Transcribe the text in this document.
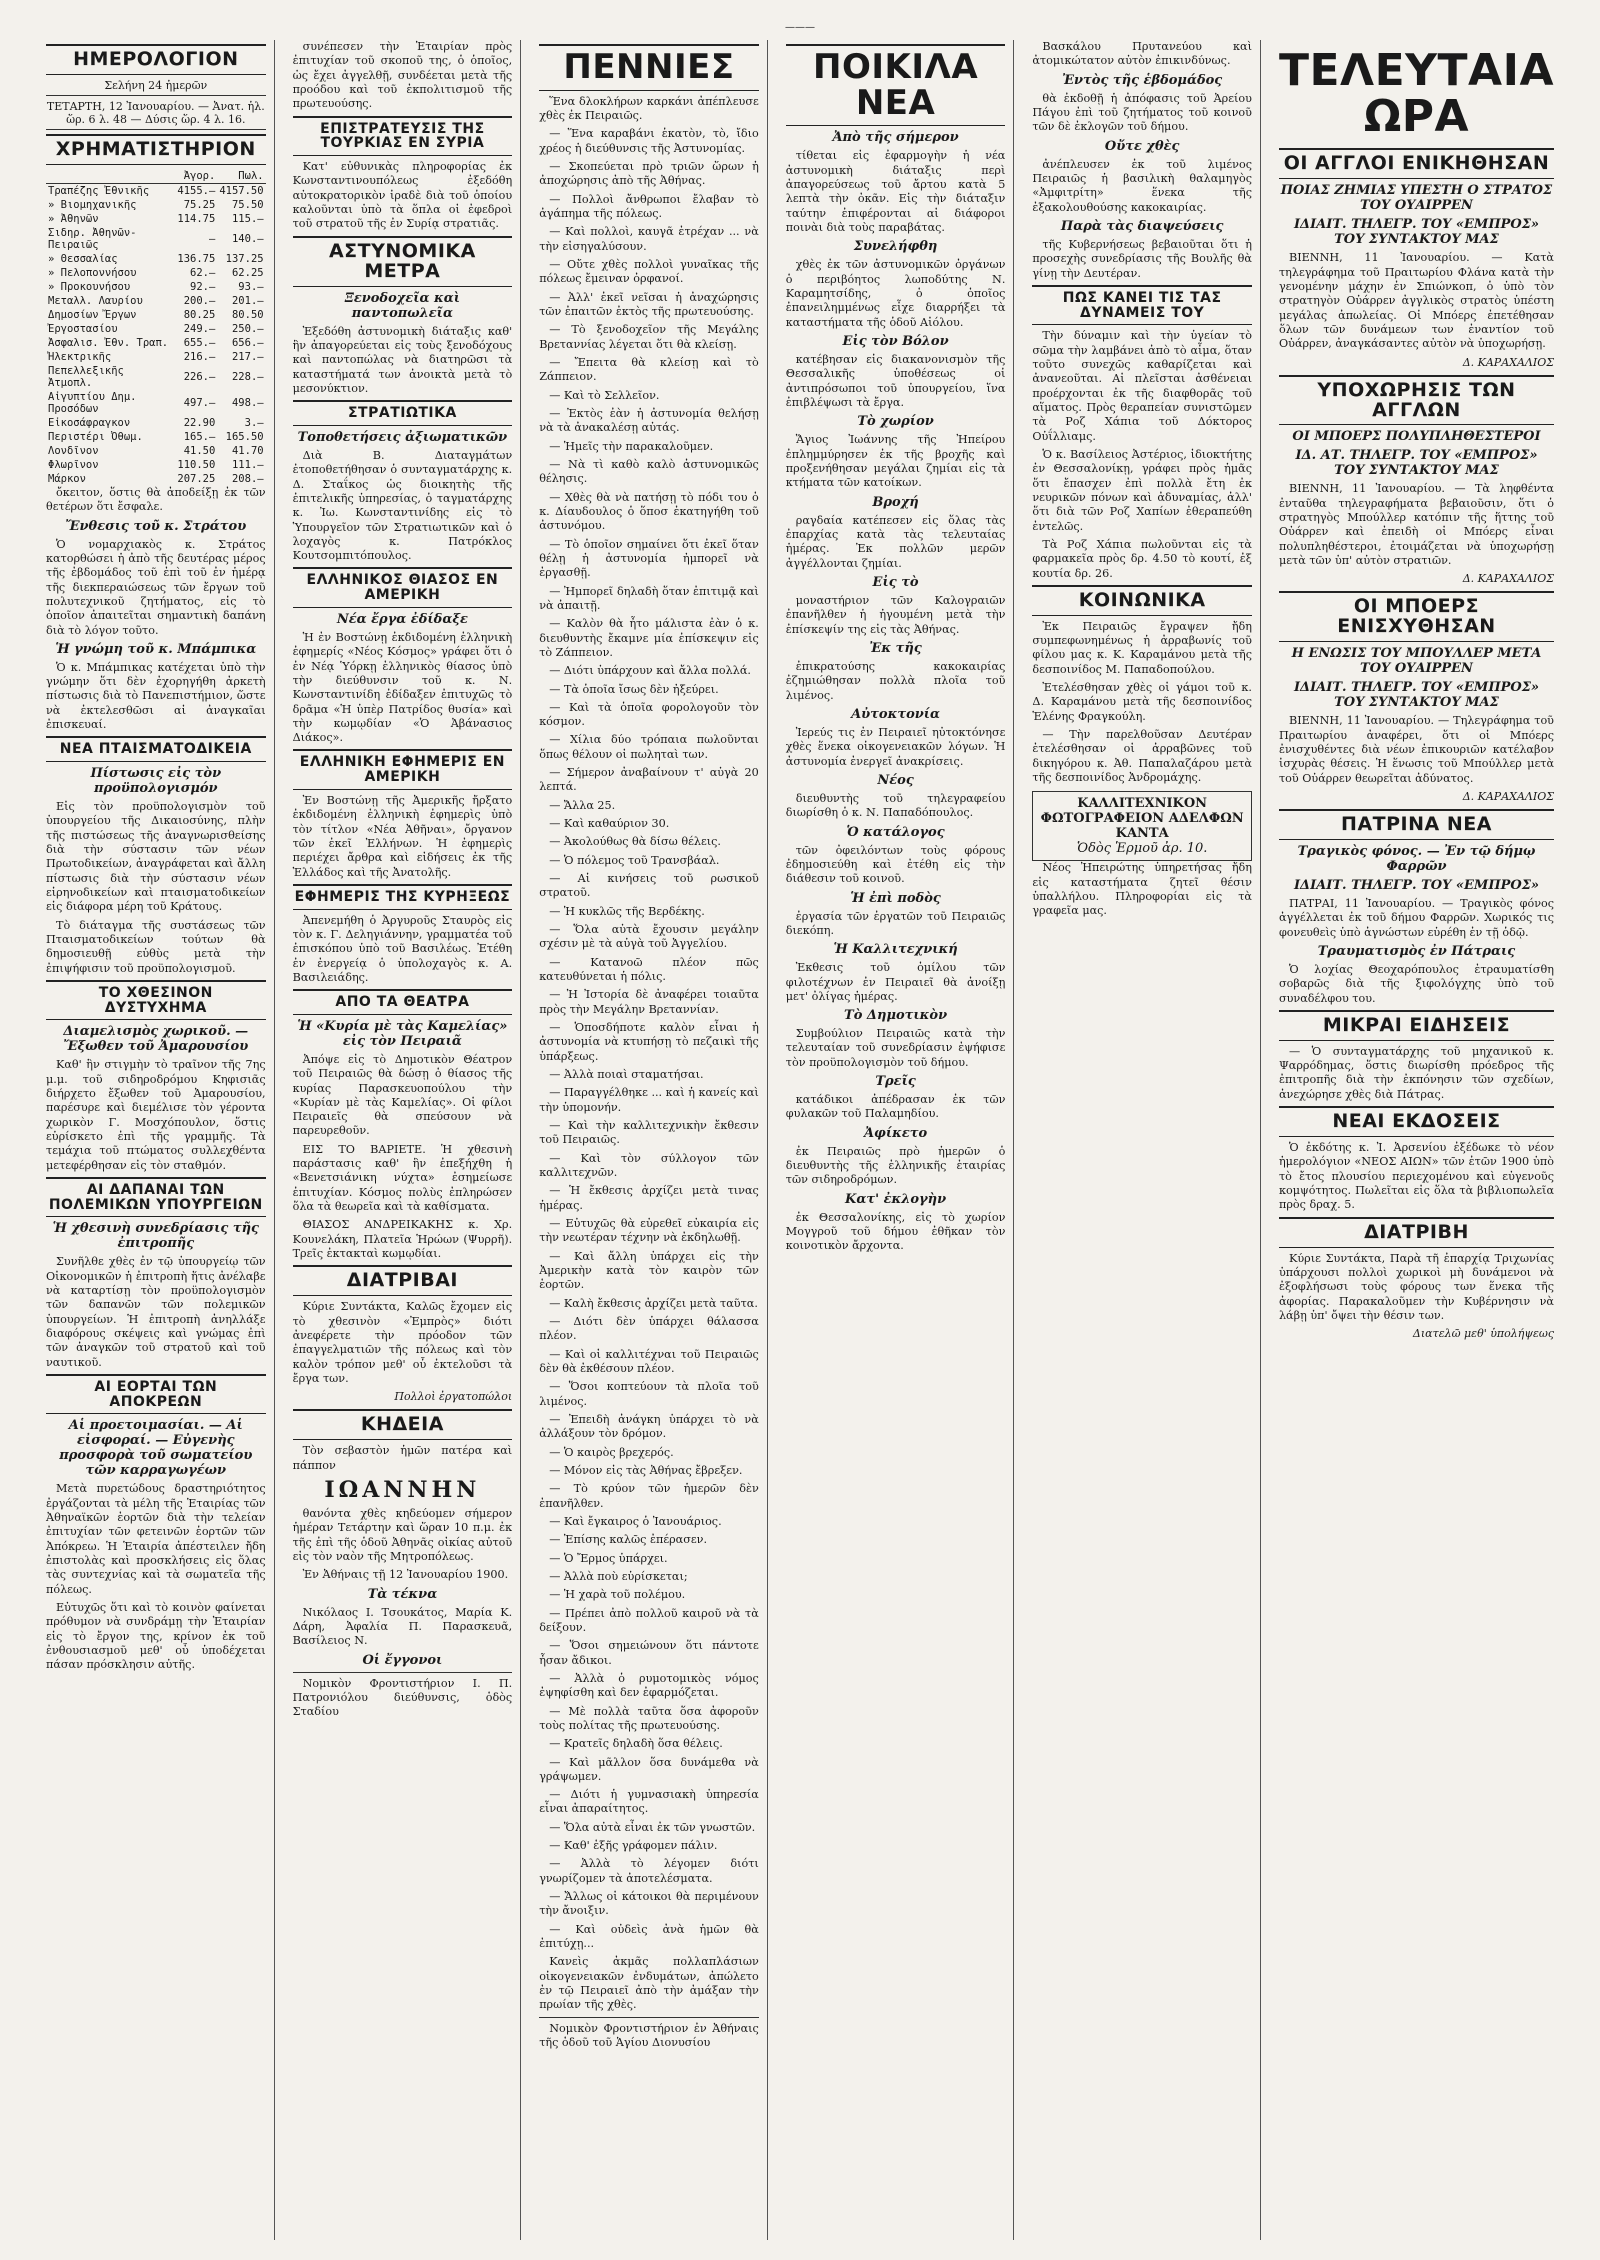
———
ΗΜΕΡΟΛΟΓΙΟΝ
Σελήνη 24 ἡμερῶν
ΤΕΤΑΡΤΗ, 12 Ἰανουαρίου. — Ἀνατ. ἡλ. ὥρ. 6 λ. 48 — Δύσις ὥρ. 4 λ. 16.
ΧΡΗΜΑΤΙΣΤΗΡΙΟΝ
	Ἀγορ.	Πωλ.
Τραπέζης Ἐθνικῆς	4155.—	4157.50
» Βιομηχανικῆς	75.25	75.50
» Ἀθηνῶν	114.75	115.—
Σιδηρ. Ἀθηνῶν-Πειραιῶς	—	140.—
» Θεσσαλίας	136.75	137.25
» Πελοποννήσου	62.—	62.25
» Προκουνήσου	92.—	93.—
Μεταλλ. Λαυρίου	200.—	201.—
Δημοσίων Ἔργων	80.25	80.50
Ἐργοστασίου	249.—	250.—
Ἀσφαλισ. Ἐθν. Τραπ.	655.—	656.—
Ἠλεκτρικῆς	216.—	217.—
Πεπελλεξικῆς Ἀτμοπλ.	226.—	228.—
Αἰγυπτίου Δημ. Προσόδων	497.—	498.—
Εἰκοσάφραγκον	22.90	3.—
Περιστέρι Ὀθωμ.	165.—	165.50
Λονδῖνον	41.50	41.70
Φλωρῖνον	110.50	111.—
Μάρκον	207.25	208.—

ὄκειτον, ὅστις θὰ ἀποδείξῃ ἐκ τῶν θετέρων ὅτι ἔσφαλε.

Ἔνθεσις τοῦ κ. Στράτου

Ὁ νομαρχιακὸς κ. Στράτος κατορθώσει ἡ ἀπὸ τῆς δευτέρας μέρος τῆς ἐβδομάδος τοῦ ἐπὶ τοῦ ἐν ἡμέρᾳ τῆς διεκπεραιώσεως τῶν ἔργων τοῦ πολυτεχνικοῦ ζητήματος, εἰς τὸ ὁποῖον ἀπαιτεῖται σημαντικὴ δαπάνη διὰ τὸ λόγον τοῦτο.

Ἡ γνώμη τοῦ κ. Μπάμπικα

Ὁ κ. Μπάμπικας κατέχεται ὑπὸ τὴν γνώμην ὅτι δὲν ἐχορηγήθη ἀρκετὴ πίστωσις διὰ τὸ Πανεπιστήμιον, ὥστε νὰ ἐκτελεσθῶσι αἱ ἀναγκαῖαι ἐπισκευαί.

ΝΕΑ ΠΤΑΙΣΜΑΤΟΔΙΚΕΙΑ
Πίστωσις εἰς τὸν προϋπολογισμόν

Εἰς τὸν προϋπολογισμὸν τοῦ ὑπουργείου τῆς Δικαιοσύνης, πλὴν τῆς πιστώσεως τῆς ἀναγνωρισθείσης διὰ τὴν σύστασιν τῶν νέων Πρωτοδικείων, ἀναγράφεται καὶ ἄλλη πίστωσις διὰ τὴν σύστασιν νέων εἰρηνοδικείων καὶ πταισματοδικείων εἰς διάφορα μέρη τοῦ Κράτους.

Τὸ διάταγμα τῆς συστάσεως τῶν Πταισματοδικείων τούτων θὰ δημοσιευθῇ εὐθὺς μετὰ τὴν ἐπιψήφισιν τοῦ προϋπολογισμοῦ.

ΤΟ ΧΘΕΣΙΝΟΝ ΔΥΣΤΥΧΗΜΑ
Διαμελισμὸς χωρικοῦ. — Ἔξωθεν τοῦ Ἀμαρουσίου

Καθ' ἣν στιγμὴν τὸ τραῖνον τῆς 7ης μ.μ. τοῦ σιδηροδρόμου Κηφισιᾶς διήρχετο ἔξωθεν τοῦ Ἀμαρουσίου, παρέσυρε καὶ διεμέλισε τὸν γέροντα χωρικὸν Γ. Μοσχόπουλον, ὅστις εὑρίσκετο ἐπὶ τῆς γραμμῆς. Τὰ τεμάχια τοῦ πτώματος συλλεχθέντα μετεφέρθησαν εἰς τὸν σταθμόν.

ΑΙ ΔΑΠΑΝΑΙ ΤΩΝ ΠΟΛΕΜΙΚΩΝ ΥΠΟΥΡΓΕΙΩΝ
Ἡ χθεσινὴ συνεδρίασις τῆς ἐπιτροπῆς

Συνῆλθε χθὲς ἐν τῷ ὑπουργείῳ τῶν Οἰκονομικῶν ἡ ἐπιτροπὴ ἥτις ἀνέλαβε νὰ καταρτίσῃ τὸν προϋπολογισμὸν τῶν δαπανῶν τῶν πολεμικῶν ὑπουργείων. Ἡ ἐπιτροπὴ ἀνηλλάξε διαφόρους σκέψεις καὶ γνώμας ἐπὶ τῶν ἀναγκῶν τοῦ στρατοῦ καὶ τοῦ ναυτικοῦ.

ΑΙ ΕΟΡΤΑΙ ΤΩΝ ΑΠΟΚΡΕΩΝ
Αἱ προετοιμασίαι. — Αἱ εἰσφοραί. — Εὐγενὴς προσφορὰ τοῦ σωματείου τῶν καρραγωγέων

Μετὰ πυρετώδους δραστηριότητος ἐργάζονται τὰ μέλη τῆς Ἑταιρίας τῶν Ἀθηναϊκῶν ἑορτῶν διὰ τὴν τελείαν ἐπιτυχίαν τῶν φετεινῶν ἑορτῶν τῶν Ἀπόκρεω. Ἡ Ἑταιρία ἀπέστειλεν ἤδη ἐπιστολὰς καὶ προσκλήσεις εἰς ὅλας τὰς συντεχνίας καὶ τὰ σωματεῖα τῆς πόλεως.

Εὐτυχῶς ὅτι καὶ τὸ κοινὸν φαίνεται πρόθυμον νὰ συνδράμῃ τὴν Ἑταιρίαν εἰς τὸ ἔργον της, κρίνον ἐκ τοῦ ἐνθουσιασμοῦ μεθ' οὗ ὑποδέχεται πάσαν πρόσκλησιν αὐτῆς.

συνέπεσεν τὴν Ἑταιρίαν πρὸς ἐπιτυχίαν τοῦ σκοποῦ της, ὁ ὁποῖος, ὡς ἔχει ἀγγελθῇ, συνδέεται μετὰ τῆς προόδου καὶ τοῦ ἐκπολιτισμοῦ τῆς πρωτευούσης.

ΕΠΙΣΤΡΑΤΕΥΣΙΣ ΤΗΣ ΤΟΥΡΚΙΑΣ ΕΝ ΣΥΡΙΑ

Κατ' εὐθυνικὰς πληροφορίας ἐκ Κωνσταντινουπόλεως ἐξεδόθη αὐτοκρατορικὸν ἰραδὲ διὰ τοῦ ὁποίου καλοῦνται ὑπὸ τὰ ὅπλα οἱ ἐφεδροὶ τοῦ στρατοῦ τῆς ἐν Συρίᾳ στρατιᾶς.

ΑΣΤΥΝΟΜΙΚΑ ΜΕΤΡΑ
Ξενοδοχεῖα καὶ παντοπωλεῖα

Ἐξεδόθη ἀστυνομικὴ διάταξις καθ' ἣν ἀπαγορεύεται εἰς τοὺς ξενοδόχους καὶ παντοπώλας νὰ διατηρῶσι τὰ καταστήματά των ἀνοικτὰ μετὰ τὸ μεσονύκτιον.

ΣΤΡΑΤΙΩΤΙΚΑ
Τοποθετήσεις ἀξιωματικῶν

Διὰ Β. Διαταγμάτων ἐτοποθετήθησαν ὁ συνταγματάρχης κ. Δ. Σταΐκος ὡς διοικητὴς τῆς ἐπιτελικῆς ὑπηρεσίας, ὁ ταγματάρχης κ. Ἰω. Κωνσταντινίδης εἰς τὸ Ὑπουργεῖον τῶν Στρατιωτικῶν καὶ ὁ λοχαγὸς κ. Πατρόκλος Κουτσομπιτόπουλος.

ΕΛΛΗΝΙΚΟΣ ΘΙΑΣΟΣ ΕΝ ΑΜΕΡΙΚΗ
Νέα ἔργα ἐδίδαξε

Ἡ ἐν Βοστώνῃ ἐκδιδομένη ἑλληνικὴ ἐφημερίς «Νέος Κόσμος» γράφει ὅτι ὁ ἐν Νέᾳ Ὑόρκῃ ἑλληνικὸς θίασος ὑπὸ τὴν διεύθυνσιν τοῦ κ. Ν. Κωνσταντινίδη ἐδίδαξεν ἐπιτυχῶς τὸ δρᾶμα «Ἡ ὑπὲρ Πατρίδος θυσία» καὶ τὴν κωμῳδίαν «Ὁ Ἀβάνασιος Διάκος».

ΕΛΛΗΝΙΚΗ ΕΦΗΜΕΡΙΣ ΕΝ ΑΜΕΡΙΚΗ

Ἐν Βοστώνῃ τῆς Ἀμερικῆς ἤρξατο ἐκδιδομένη ἑλληνικὴ ἐφημερὶς ὑπὸ τὸν τίτλον «Νέα Ἀθῆναι», ὄργανον τῶν ἐκεῖ Ἑλλήνων. Ἡ ἐφημερὶς περιέχει ἄρθρα καὶ εἰδήσεις ἐκ τῆς Ἑλλάδος καὶ τῆς Ἀνατολῆς.

ΕΦΗΜΕΡΙΣ ΤΗΣ ΚΥΡΗΞΕΩΣ

Ἀπενεμήθη ὁ Ἀργυροῦς Σταυρὸς εἰς τὸν κ. Γ. Δεληγιάννην, γραμματέα τοῦ ἐπισκόπου ὑπὸ τοῦ Βασιλέως. Ἐτέθη ἐν ἐνεργείᾳ ὁ ὑπολοχαγὸς κ. Α. Βασιλειάδης.

ΑΠΟ ΤΑ ΘΕΑΤΡΑ
Ἡ «Κυρία μὲ τὰς Καμελίας» εἰς τὸν Πειραιᾶ

Ἀπόψε εἰς τὸ Δημοτικὸν Θέατρον τοῦ Πειραιῶς θὰ δώσῃ ὁ θίασος τῆς κυρίας Παρασκευοπούλου τὴν «Κυρίαν μὲ τὰς Καμελίας». Οἱ φίλοι Πειραιεῖς θὰ σπεύσουν νὰ παρευρεθοῦν.

ΕΙΣ ΤΟ ΒΑΡΙΕΤΕ. Ἡ χθεσινὴ παράστασις καθ' ἣν ἐπεξήχθη ἡ «Βενετσιάνικη νύχτα» ἐσημείωσε ἐπιτυχίαν. Κόσμος πολὺς ἐπληρώσεν ὅλα τὰ θεωρεῖα καὶ τὰ καθίσματα.

ΘΙΑΣΟΣ ΑΝΔΡΕΙΚΑΚΗΣ κ. Χρ. Κουνελάκη, Πλατεῖα Ἡρώων (Ψυρρῆ). Τρεῖς ἐκτακταὶ κωμῳδίαι.

ΔΙΑΤΡΙΒΑΙ

Κύριε Συντάκτα, Καλῶς ἔχομεν εἰς τὸ χθεσινὸν «Ἐμπρὸς» διότι ἀνεφέρετε τὴν πρόοδον τῶν ἐπαγγελματιῶν τῆς πόλεως καὶ τὸν καλὸν τρόπον μεθ' οὗ ἐκτελοῦσι τὰ ἔργα των.

Πολλοὶ ἐργατοπώλοι
ΚΗΔΕΙΑ

Τὸν σεβαστὸν ἡμῶν πατέρα καὶ πάππον

ΙΩΑΝΝΗΝ

θανόντα χθὲς κηδεύομεν σήμερον ἡμέραν Τετάρτην καὶ ὥραν 10 π.μ. ἐκ τῆς ἐπὶ τῆς ὁδοῦ Ἀθηνᾶς οἰκίας αὐτοῦ εἰς τὸν ναὸν τῆς Μητροπόλεως.

Ἐν Ἀθήναις τῇ 12 Ἰανουαρίου 1900.

Τὰ τέκνα

Νικόλαος Ι. Τσουκάτος, Μαρία Κ. Δάρη, Ἀφαλία Π. Παρασκευᾶ, Βασίλειος Ν.

Οἱ ἔγγονοι

Νομικὸν Φροντιστήριον Ι. Π. Πατρονιόλου διεύθυνσις, ὁδὸς Σταδίου

ΠΕΝΝΙΕΣ

Ἕνα δλοκλήρων καρκάνι ἀπέπλευσε χθὲς ἐκ Πειραιῶς.

— Ἕνα καραβάνι ἑκατὸν, τὸ, ἴδιο χρέος ἡ διεύθυνσις τῆς Ἀστυνομίας.

— Σκοπεύεται πρὸ τριῶν ὥρων ἡ ἀποχώρησις ἀπὸ τῆς Ἀθήνας.

— Πολλοὶ ἄνθρωποι ἔλαβαν τὸ ἀγάπημα τῆς πόλεως.

— Καὶ πολλοὶ, καυγᾶ ἐτρέχαν ... νὰ τὴν εἰσηγαλύσουν.

— Οὔτε χθὲς πολλοὶ γυναῖκας τῆς πόλεως ἔμειναν ὀρφανοί.

— Ἀλλ' ἐκεῖ νεῖσαι ἡ ἀναχώρησις τῶν ἐπαιτῶν ἐκτὸς τῆς πρωτευούσης.

— Τὸ ξενοδοχεῖον τῆς Μεγάλης Βρεταννίας λέγεται ὅτι θὰ κλείσῃ.

— Ἔπειτα θὰ κλείσῃ καὶ τὸ Ζάππειον.

— Καὶ τὸ Σελλεῖον.

— Ἐκτὸς ἐὰν ἡ ἀστυνομία θελήσῃ νὰ τὰ ἀνακαλέσῃ αὐτάς.

— Ἡμεῖς τὴν παρακαλοῦμεν.

— Νὰ τὶ καθὸ καλὸ ἀστυνομικῶς θέλησις.

— Χθὲς θὰ νὰ πατήσῃ τὸ πόδι του ὁ κ. Δίαυδουλος ὁ ὅποσ ἐκατηγήθη τοῦ ἀστυνόμου.

— Τὸ ὁποῖον σημαίνει ὅτι ἐκεῖ ὅταν θέλῃ ἡ ἀστυνομία ἠμπορεῖ νὰ ἐργασθῇ.

— Ἠμπορεῖ δηλαδὴ ὅταν ἐπιτιμᾷ καὶ νὰ ἀπαιτῇ.

— Καλὸν θὰ ἦτο μάλιστα ἐὰν ὁ κ. διευθυντὴς ἔκαμνε μία ἐπίσκεψιν εἰς τὸ Ζάππειον.

— Διότι ὑπάρχουν καὶ ἄλλα πολλά.

— Τὰ ὁποῖα ἴσως δὲν ἠξεύρει.

— Καὶ τὰ ὁποῖα φορολογοῦν τὸν κόσμον.

— Χίλια δύο τρόπαια πωλοῦνται ὅπως θέλουν οἱ πωληταὶ των.

— Σήμερον ἀναβαίνουν τ' αὐγὰ 20 λεπτά.

— Ἄλλα 25.

— Καὶ καθαύριον 30.

— Ἀκολούθως θὰ δίσω θέλεις.

— Ὁ πόλεμος τοῦ Τρανσβάαλ.

— Αἱ κινήσεις τοῦ ρωσικοῦ στρατοῦ.

— Ἡ κυκλῶς τῆς Βερδέκης.

— Ὅλα αὐτὰ ἔχουσιν μεγάλην σχέσιν μὲ τὰ αὐγὰ τοῦ Ἀγγελίου.

— Κατανοῶ πλέον πῶς κατευθύνεται ἡ πόλις.

— Ἡ Ἰστορία δὲ ἀναφέρει τοιαῦτα πρὸς τὴν Μεγάλην Βρεταννίαν.

— Ὁποσδήποτε καλὸν εἶναι ἡ ἀστυνομία νὰ κτυπήσῃ τὸ πεζαικὶ τῆς ὑπάρξεως.

— Ἀλλὰ ποιαὶ σταματήσαι.

— Παραγγέλθηκε ... καὶ ἡ κανείς καὶ τὴν ὑπομονήν.

— Καὶ τὴν καλλιτεχνικὴν ἔκθεσιν τοῦ Πειραιῶς.

— Καὶ τὸν σύλλογον τῶν καλλιτεχνῶν.

— Ἡ ἔκθεσις ἀρχίζει μετὰ τινας ἡμέρας.

— Εὐτυχῶς θὰ εὑρεθεῖ εὐκαιρία εἰς τὴν νεωτέραν τέχνην νὰ ἐκδηλωθῇ.

— Καὶ ἄλλη ὑπάρχει εἰς τὴν Ἀμερικὴν κατὰ τὸν καιρὸν τῶν ἑορτῶν.

— Καλὴ ἔκθεσις ἀρχίζει μετὰ ταῦτα.

— Διότι δὲν ὑπάρχει θάλασσα πλέον.

— Καὶ οἱ καλλιτέχναι τοῦ Πειραιῶς δὲν θὰ ἐκθέσουν πλέον.

— Ὅσοι κοπτεύουν τὰ πλοῖα τοῦ λιμένος.

— Ἐπειδὴ ἀνάγκη ὑπάρχει τὸ νὰ ἀλλάξουν τὸν δρόμον.

— Ὁ καιρὸς βρεχερός.

— Μόνον εἰς τὰς Ἀθήνας ἔβρεξεν.

— Τὸ κρύον τῶν ἡμερῶν δὲν ἐπανῆλθεν.

— Καὶ ἔγκαιρος ὁ Ἰανουάριος.

— Ἐπίσης καλῶς ἐπέρασεν.

— Ὁ Ἔρμος ὑπάρχει.

— Ἀλλὰ ποὺ εὑρίσκεται;

— Ἡ χαρὰ τοῦ πολέμου.

— Πρέπει ἀπὸ πολλοῦ καιροῦ νὰ τὰ δείξουν.

— Ὅσοι σημειώνουν ὅτι πάντοτε ἦσαν ἄδικοι.

— Ἀλλὰ ὁ ρυμοτομικὸς νόμος ἐψηφίσθη καὶ δεν ἐφαρμόζεται.

— Μὲ πολλὰ ταῦτα ὅσα ἀφοροῦν τοὺς πολίτας τῆς πρωτευούσης.

— Κρατεῖς δηλαδὴ ὅσα θέλεις.

— Καὶ μᾶλλον ὅσα δυνάμεθα νὰ γράψωμεν.

— Διότι ἡ γυμνασιακὴ ὑπηρεσία εἶναι ἀπαραίτητος.

— Ὅλα αὐτὰ εἶναι ἐκ τῶν γνωστῶν.

— Καθ' ἑξῆς γράφομεν πάλιν.

— Ἀλλὰ τὸ λέγομεν διότι γνωρίζομεν τὰ ἀποτελέσματα.

— Ἄλλως οἱ κάτοικοι θὰ περιμένουν τὴν ἄνοιξιν.

— Καὶ οὐδεὶς ἀνὰ ἡμῶν θὰ ἐπιτύχῃ...

Κανεὶς ἀκμᾶς πολλαπλάσιων οἰκογενειακῶν ἐνδυμάτων, ἀπώλετο ἐν τῷ Πειραιεῖ ἀπὸ τὴν ἀμάξαν τὴν πρωίαν τῆς χθὲς.

Νομικὸν Φροντιστήριον ἐν Ἀθήναις τῆς ὁδοῦ τοῦ Ἁγίου Διονυσίου

ΠΟΙΚΙΛΑ ΝΕΑ
Ἀπὸ τῆς σήμερον

τίθεται εἰς ἐφαρμογὴν ἡ νέα ἀστυνομικὴ διάταξις περὶ ἀπαγορεύσεως τοῦ ἄρτου κατὰ 5 λεπτὰ τὴν ὀκᾶν. Εἰς τὴν διάταξιν ταύτην ἐπιφέρονται αἱ διάφοροι ποινὰι διὰ τοὺς παραβάτας.

Συνελήφθη

χθὲς ἐκ τῶν ἀστυνομικῶν ὀργάνων ὁ περιβόητος λωποδύτης Ν. Καραμητσίδης, ὁ ὁποῖος ἐπανειλημμένως εἶχε διαρρήξει τὰ καταστήματα τῆς ὁδοῦ Αἰόλου.

Εἰς τὸν Βόλον

κατέβησαν εἰς διακανονισμὸν τῆς Θεσσαλικῆς ὑποθέσεως οἱ ἀντιπρόσωποι τοῦ ὑπουργείου, ἵνα ἐπιβλέψωσι τὰ ἔργα.

Τὸ χωρίον

Ἅγιος Ἰωάννης τῆς Ἠπείρου ἐπλημμύρησεν ἐκ τῆς βροχῆς καὶ προξενήθησαν μεγάλαι ζημίαι εἰς τὰ κτήματα τῶν κατοίκων.

Βροχή

ραγδαία κατέπεσεν εἰς ὅλας τὰς ἐπαρχίας κατὰ τὰς τελευταίας ἡμέρας. Ἐκ πολλῶν μερῶν ἀγγέλλονται ζημίαι.

Εἰς τὸ

μοναστήριον τῶν Καλογραιῶν ἐπανῆλθεν ἡ ἠγουμένη μετὰ τὴν ἐπίσκεψίν της εἰς τὰς Ἀθήνας.

Ἐκ τῆς

ἐπικρατούσης κακοκαιρίας ἐζημιώθησαν πολλὰ πλοῖα τοῦ λιμένος.

Αὐτοκτονία

Ἰερεύς τις ἐν Πειραιεῖ ηὐτοκτόνησε χθὲς ἕνεκα οἰκογενειακῶν λόγων. Ἡ ἀστυνομία ἐνεργεῖ ἀνακρίσεις.

Νέος

διευθυντὴς τοῦ τηλεγραφείου διωρίσθη ὁ κ. Ν. Παπαδόπουλος.

Ὁ κατάλογος

τῶν ὀφειλόντων τοὺς φόρους ἐδημοσιεύθη καὶ ἐτέθη εἰς τὴν διάθεσιν τοῦ κοινοῦ.

Ἡ ἐπὶ ποδὸς

ἐργασία τῶν ἐργατῶν τοῦ Πειραιῶς διεκόπη.

Ἡ Καλλιτεχνική

Ἐκθεσις τοῦ ὁμίλου τῶν φιλοτέχνων ἐν Πειραιεῖ θὰ ἀνοίξῃ μετ' ὀλίγας ἡμέρας.

Τὸ Δημοτικὸν

Συμβούλιον Πειραιῶς κατὰ τὴν τελευταίαν τοῦ συνεδρίασιν ἐψήφισε τὸν προϋπολογισμὸν τοῦ δήμου.

Τρεῖς

κατάδικοι ἀπέδρασαν ἐκ τῶν φυλακῶν τοῦ Παλαμηδίου.

Ἀφίκετο

ἐκ Πειραιῶς πρὸ ἡμερῶν ὁ διευθυντὴς τῆς ἑλληνικῆς ἑταιρίας τῶν σιδηροδρόμων.

Κατ' ἐκλογὴν

ἐκ Θεσσαλονίκης, εἰς τὸ χωρίον Μογγροῦ τοῦ δήμου ἐθῆκαν τὸν κοινοτικὸν ἄρχοντα.

Βασκάλου Πρυτανεύου καὶ ἀτομικώτατον αὐτὸν ἐπικινδύνως.

Ἐντὸς τῆς ἑβδομάδος

θὰ ἐκδοθῇ ἡ ἀπόφασις τοῦ Ἀρείου Πάγου ἐπὶ τοῦ ζητήματος τοῦ κοινοῦ τῶν δὲ ἐκλογῶν τοῦ δήμου.

Οὔτε χθὲς

ἀνέπλευσεν ἐκ τοῦ λιμένος Πειραιῶς ἡ βασιλικὴ θαλαμηγὸς «Ἀμφιτρίτη» ἕνεκα τῆς ἐξακολουθούσης κακοκαιρίας.

Παρὰ τὰς διαψεύσεις

τῆς Κυβερνήσεως βεβαιοῦται ὅτι ἡ προσεχὴς συνεδρίασις τῆς Βουλῆς θὰ γίνῃ τὴν Δευτέραν.

ΠΩΣ ΚΑΝΕΙ ΤΙΣ ΤΑΣ ΔΥΝΑΜΕΙΣ ΤΟΥ

Τὴν δύναμιν καὶ τὴν ὑγείαν τὸ σῶμα τὴν λαμβάνει ἀπὸ τὸ αἷμα, ὅταν τοῦτο συνεχῶς καθαρίζεται καὶ ἀνανεοῦται. Αἱ πλεῖσται ἀσθένειαι προέρχονται ἐκ τῆς διαφθορᾶς τοῦ αἵματος. Πρὸς θεραπείαν συνιστῶμεν τὰ Ροζ Χάπια τοῦ Δόκτορος Οὐΐλλιαμς.

Ὁ κ. Βασίλειος Ἀστέριος, ἰδιοκτήτης ἐν Θεσσαλονίκῃ, γράφει πρὸς ἡμᾶς ὅτι ἔπασχεν ἐπὶ πολλὰ ἔτη ἐκ νευρικῶν πόνων καὶ ἀδυναμίας, ἀλλ' ὅτι διὰ τῶν Ροζ Χαπίων ἐθεραπεύθη ἐντελῶς.

Τὰ Ροζ Χάπια πωλοῦνται εἰς τὰ φαρμακεῖα πρὸς δρ. 4.50 τὸ κουτί, ἐξ κουτία δρ. 26.

ΚΟΙΝΩΝΙΚΑ

Ἐκ Πειραιῶς ἔγραψεν ἤδη συμπεφωνημένως ἡ ἀρραβωνίς τοῦ φίλου μας κ. Κ. Καραμάνου μετὰ τῆς δεσποινίδος Μ. Παπαδοπούλου.

Ἐτελέσθησαν χθὲς οἱ γάμοι τοῦ κ. Δ. Καραμάνου μετὰ τῆς δεσποινίδος Ἑλένης Φραγκούλη.

— Τὴν παρελθοῦσαν Δευτέραν ἐτελέσθησαν οἱ ἀρραβῶνες τοῦ δικηγόρου κ. Ἀθ. Παπαλαζάρου μετὰ τῆς δεσποινίδος Ἀνδρομάχης.

ΚΑΛΛΙΤΕΧΝΙΚΟΝ ΦΩΤΟΓΡΑΦΕΙΟΝ ΑΔΕΛΦΩΝ ΚΑΝΤΑ
Ὁδὸς Ἑρμοῦ ἀρ. 10.

Νέος Ἠπειρώτης ὑπηρετήσας ἤδη εἰς καταστήματα ζητεῖ θέσιν ὑπαλλήλου. Πληροφορίαι εἰς τὰ γραφεῖα μας.

ΤΕΛΕΥΤΑΙΑ ΩΡΑ
ΟΙ ΑΓΓΛΟΙ ΕΝΙΚΗΘΗΣΑΝ
ΠΟΙΑΣ ΖΗΜΙΑΣ ΥΠΕΣΤΗ Ο ΣΤΡΑΤΟΣ ΤΟΥ ΟΥΑΙΡΡΕΝ
ΙΔΙΑΙΤ. ΤΗΛΕΓΡ. ΤΟΥ «ΕΜΠΡΟΣ» ΤΟΥ ΣΥΝΤΑΚΤΟΥ ΜΑΣ

ΒΙΕΝΝΗ, 11 Ἰανουαρίου. — Κατὰ τηλεγράφημα τοῦ Πραιτωρίου Φλάνα κατὰ τὴν γενομένην μάχην ἐν Σπιώνκοπ, ὁ ὑπὸ τὸν στρατηγὸν Οὐάρρεν ἀγγλικὸς στρατὸς ὑπέστη μεγάλας ἀπωλείας. Οἱ Μπόερς ἐπετέθησαν ὅλων τῶν δυνάμεων των ἐναντίον τοῦ Οὐάρρεν, ἀναγκάσαντες αὐτὸν νὰ ὑποχωρήσῃ.

Δ. ΚΑΡΑΧΑΛΙΟΣ
ΥΠΟΧΩΡΗΣΙΣ ΤΩΝ ΑΓΓΛΩΝ
ΟΙ ΜΠΟΕΡΣ ΠΟΛΥΠΛΗΘΕΣΤΕΡΟΙ
ΙΔ. ΑΤ. ΤΗΛΕΓΡ. ΤΟΥ «ΕΜΠΡΟΣ» ΤΟΥ ΣΥΝΤΑΚΤΟΥ ΜΑΣ

ΒΙΕΝΝΗ, 11 Ἰανουαρίου. — Τὰ ληφθέντα ἐνταῦθα τηλεγραφήματα βεβαιοῦσιν, ὅτι ὁ στρατηγὸς Μπούλλερ κατόπιν τῆς ἥττης τοῦ Οὐάρρεν καὶ ἐπειδὴ οἱ Μπόερς εἶναι πολυπληθέστεροι, ἐτοιμάζεται νὰ ὑποχωρήσῃ μετὰ τῶν ὑπ' αὐτὸν στρατιῶν.

Δ. ΚΑΡΑΧΑΛΙΟΣ
ΟΙ ΜΠΟΕΡΣ ΕΝΙΣΧΥΘΗΣΑΝ
Η ΕΝΩΣΙΣ ΤΟΥ ΜΠΟΥΛΛΕΡ ΜΕΤΑ ΤΟΥ ΟΥΑΙΡΡΕΝ
ΙΔΙΑΙΤ. ΤΗΛΕΓΡ. ΤΟΥ «ΕΜΠΡΟΣ» ΤΟΥ ΣΥΝΤΑΚΤΟΥ ΜΑΣ

ΒΙΕΝΝΗ, 11 Ἰανουαρίου. — Τηλεγράφημα τοῦ Πραιτωρίου ἀναφέρει, ὅτι οἱ Μπόερς ἐνισχυθέντες διὰ νέων ἐπικουριῶν κατέλαβον ἰσχυρὰς θέσεις. Ἡ ἕνωσις τοῦ Μπούλλερ μετὰ τοῦ Οὐάρρεν θεωρεῖται ἀδύνατος.

Δ. ΚΑΡΑΧΑΛΙΟΣ
ΠΑΤΡΙΝΑ ΝΕΑ
Τραγικὸς φόνος. — Ἐν τῷ δήμῳ Φαρρῶν
ΙΔΙΑΙΤ. ΤΗΛΕΓΡ. ΤΟΥ «ΕΜΠΡΟΣ»

ΠΑΤΡΑΙ, 11 Ἰανουαρίου. — Τραγικὸς φόνος ἀγγέλλεται ἐκ τοῦ δήμου Φαρρῶν. Χωρικός τις φονευθεὶς ὑπὸ ἀγνώστων εὑρέθη ἐν τῇ ὁδῷ.

Τραυματισμὸς ἐν Πάτραις

Ὁ λοχίας Θεοχαρόπουλος ἐτραυματίσθη σοβαρῶς διὰ τῆς ξιφολόγχης ὑπὸ τοῦ συναδέλφου του.

ΜΙΚΡΑΙ ΕΙΔΗΣΕΙΣ

— Ὁ συνταγματάρχης τοῦ μηχανικοῦ κ. Ψαρρόδημας, ὅστις διωρίσθη πρόεδρος τῆς ἐπιτροπῆς διὰ τὴν ἐκπόνησιν τῶν σχεδίων, ἀνεχώρησε χθὲς διὰ Πάτρας.

ΝΕΑΙ ΕΚΔΟΣΕΙΣ

Ὁ ἐκδότης κ. Ἰ. Ἀρσενίου ἐξέδωκε τὸ νέον ἡμερολόγιον «ΝΕΟΣ ΑΙΩΝ» τῶν ἐτῶν 1900 ὑπὸ τὸ ἔτος πλουσίου περιεχομένου καὶ εὐγενοῦς κομψότητος. Πωλεῖται εἰς ὅλα τὰ βιβλιοπωλεῖα πρὸς δραχ. 5.

ΔΙΑΤΡΙΒΗ

Κύριε Συντάκτα, Παρὰ τῆ ἐπαρχίᾳ Τριχωνίας ὑπάρχουσι πολλοὶ χωρικοὶ μὴ δυνάμενοι νὰ ἐξοφλήσωσι τοὺς φόρους των ἕνεκα τῆς ἀφορίας. Παρακαλοῦμεν τὴν Κυβέρνησιν νὰ λάβῃ ὑπ' ὄψει τὴν θέσιν των.

Διατελῶ μεθ' ὑπολήψεως
